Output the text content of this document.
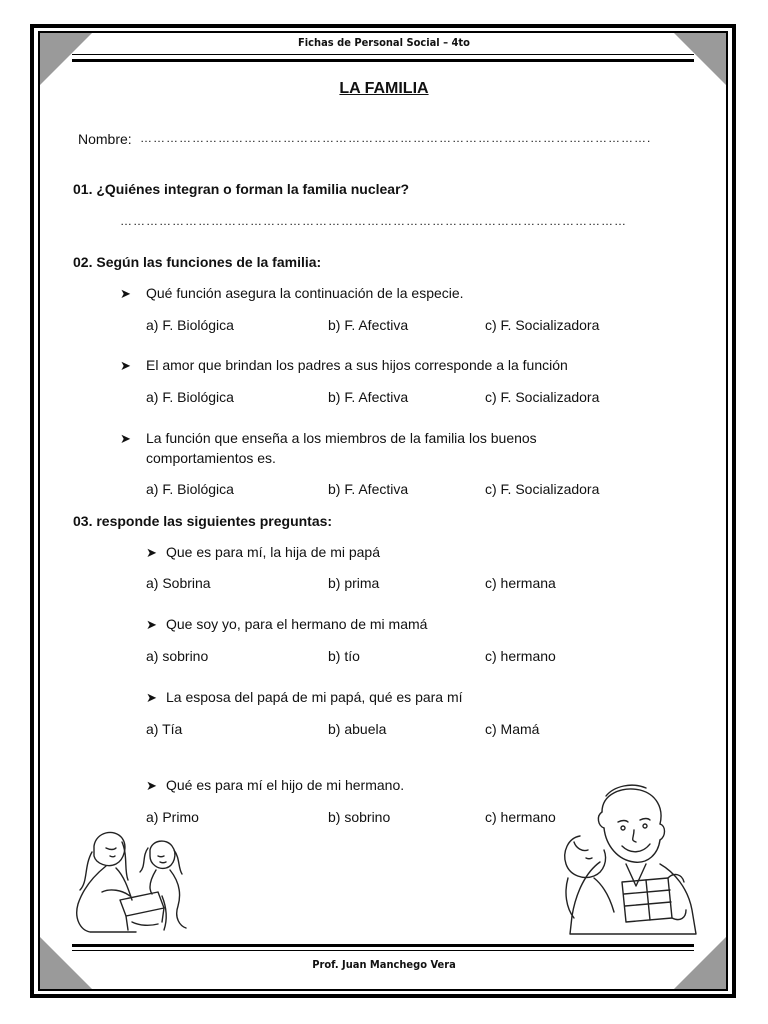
Fichas de Personal Social – 4to
LA FAMILIA
Nombre: ……………………………………………………………………………………………………….
01. ¿Quiénes integran o forman la familia nuclear?
………………………………………………………………………………………………………
02. Según las funciones de la familia:
➤ Qué función asegura la continuación de la especie.
a) F. Biológica	b) F. Afectiva	c) F. Socializadora
➤ El amor que brindan los padres a sus hijos corresponde a la función
a) F. Biológica	b) F. Afectiva	c) F. Socializadora
➤ La función que enseña a los miembros de la familia los buenos
comportamientos es.
a) F. Biológica	b) F. Afectiva	c) F. Socializadora
03. responde las siguientes preguntas:
➤ Que es para mí, la hija de mi papá
a) Sobrina	b) prima	c) hermana
➤ Que soy yo, para el hermano de mi mamá
a) sobrino	b) tío	c) hermano
➤ La esposa del papá de mi papá, qué es para mí
a) Tía	b) abuela	c) Mamá
➤ Qué es para mí el hijo de mi hermano.
a) Primo	b) sobrino	c) hermano
Prof. Juan Manchego Vera
